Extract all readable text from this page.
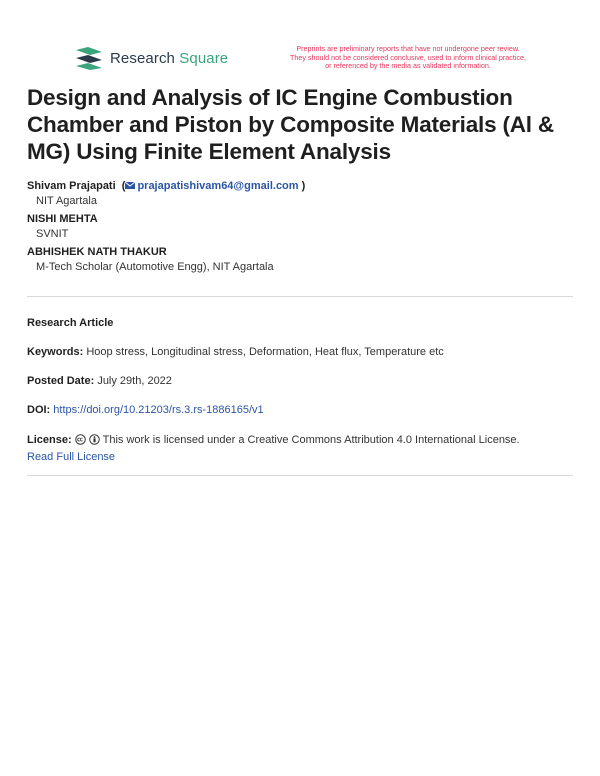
Research Square
Preprints are preliminary reports that have not undergone peer review.
They should not be considered conclusive, used to inform clinical practice,
or referenced by the media as validated information.
Design and Analysis of IC Engine Combustion Chamber and Piston by Composite Materials (Al & MG) Using Finite Element Analysis
Shivam Prajapati  ( prajapatishivam64@gmail.com )
NIT Agartala
NISHI MEHTA
SVNIT
ABHISHEK NATH THAKUR
M-Tech Scholar (Automotive Engg), NIT Agartala
Research Article
Keywords: Hoop stress, Longitudinal stress, Deformation, Heat flux, Temperature etc
Posted Date: July 29th, 2022
DOI: https://doi.org/10.21203/rs.3.rs-1886165/v1
License:	This work is licensed under a Creative Commons Attribution 4.0 International License.
Read Full License
